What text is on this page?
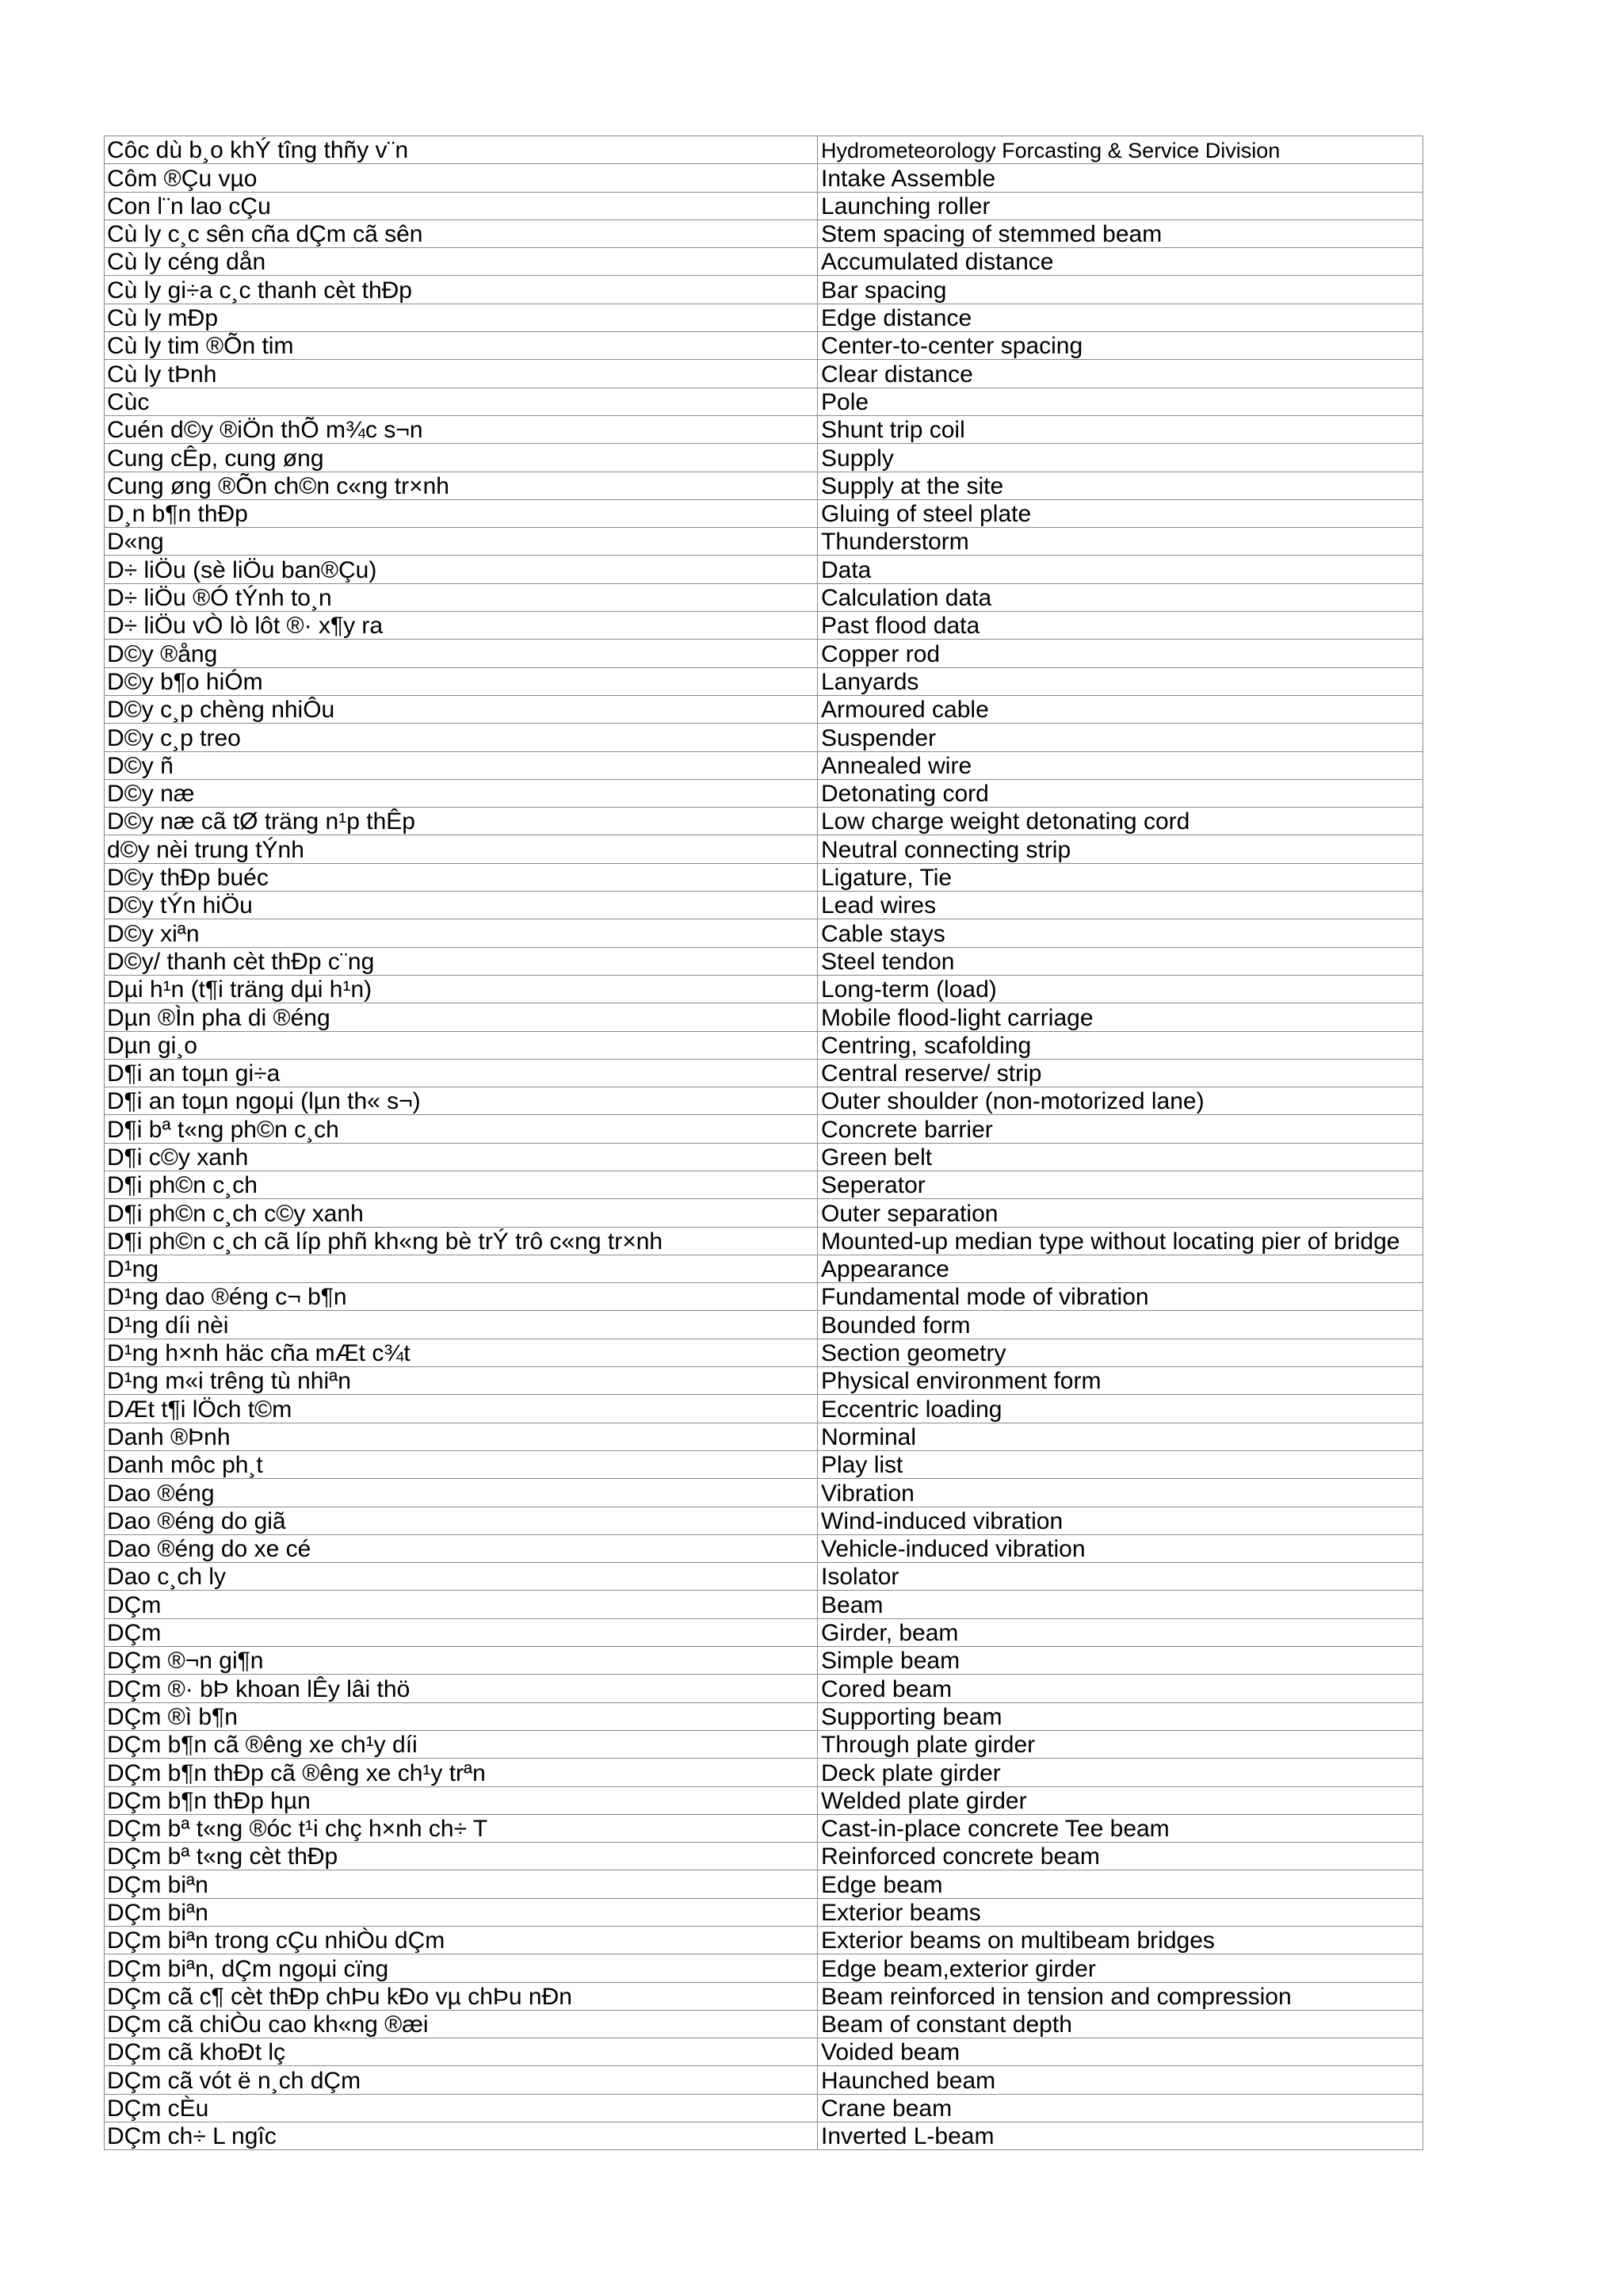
Côc dù b¸o khÝ tîng thñy v¨n	Hydrometeorology Forcasting & Service Division
Côm ®Çu vµo	Intake Assemble
Con l¨n lao cÇu	Launching roller
Cù ly c¸c sên cña dÇm cã sên	Stem spacing of stemmed beam
Cù ly céng dån	Accumulated distance
Cù ly gi÷a c¸c thanh cèt thÐp	Bar spacing
Cù ly mÐp	Edge distance
Cù ly tim ®Õn tim	Center-to-center spacing
Cù ly tÞnh	Clear distance
Cùc	Pole
Cuén d©y ®iÖn thÕ m¾c s¬n	Shunt trip coil
Cung cÊp, cung øng	Supply
Cung øng ®Õn ch©n c«ng tr×nh	Supply at the site
D¸n b¶n thÐp	Gluing of steel plate
D«ng	Thunderstorm
D÷ liÖu (sè liÖu ban®Çu)	Data
D÷ liÖu ®Ó tÝnh to¸n	Calculation data
D÷ liÖu vÒ lò lôt ®· x¶y ra	Past flood data
D©y ®ång	Copper rod
D©y b¶o hiÓm	Lanyards
D©y c¸p chèng nhiÔu	Armoured cable
D©y c¸p treo	Suspender
D©y ñ	Annealed wire
D©y næ	Detonating cord
D©y næ cã tØ träng n¹p thÊp	Low charge weight detonating cord
d©y nèi trung tÝnh	Neutral connecting strip
D©y thÐp buéc	Ligature, Tie
D©y tÝn hiÖu	Lead wires
D©y xiªn	Cable stays
D©y/ thanh cèt thÐp c¨ng	Steel tendon
Dµi h¹n (t¶i träng dµi h¹n)	Long-term (load)
Dµn ®Ìn pha di ®éng	Mobile flood-light carriage
Dµn gi¸o	Centring, scafolding
D¶i an toµn gi÷a	Central reserve/ strip
D¶i an toµn ngoµi (lµn th« s¬)	Outer shoulder (non-motorized lane)
D¶i bª t«ng ph©n c¸ch	Concrete barrier
D¶i c©y xanh	Green belt
D¶i ph©n c¸ch	Seperator
D¶i ph©n c¸ch c©y xanh	Outer separation
D¶i ph©n c¸ch cã líp phñ kh«ng bè trÝ trô c«ng tr×nh	Mounted-up median type without locating pier of bridge
D¹ng	Appearance
D¹ng dao ®éng c¬ b¶n	Fundamental mode of vibration
D¹ng díi nèi	Bounded form
D¹ng h×nh häc cña mÆt c¾t	Section geometry
D¹ng m«i trêng tù nhiªn	Physical environment form
DÆt t¶i lÖch t©m	Eccentric loading
Danh ®Þnh	Norminal
Danh môc ph¸t	Play list
Dao ®éng	Vibration
Dao ®éng do giã	Wind-induced vibration
Dao ®éng do xe cé	Vehicle-induced vibration
Dao c¸ch ly	Isolator
DÇm	Beam
DÇm	Girder, beam
DÇm ®¬n gi¶n	Simple beam
DÇm ®· bÞ khoan lÊy lâi thö	Cored beam
DÇm ®ì b¶n	Supporting beam
DÇm b¶n cã ®êng xe ch¹y díi	Through plate girder
DÇm b¶n thÐp cã ®êng xe ch¹y trªn	Deck plate girder
DÇm b¶n thÐp hµn	Welded plate girder
DÇm bª t«ng ®óc t¹i chç h×nh ch÷ T	Cast-in-place concrete Tee beam
DÇm bª t«ng cèt thÐp	Reinforced concrete beam
DÇm biªn	Edge beam
DÇm biªn	Exterior beams
DÇm biªn trong cÇu nhiÒu dÇm	Exterior beams on multibeam bridges
DÇm biªn, dÇm ngoµi cïng	Edge beam,exterior girder
DÇm cã c¶ cèt thÐp chÞu kÐo vµ chÞu nÐn	Beam reinforced in tension and compression
DÇm cã chiÒu cao kh«ng ®æi	Beam of constant depth
DÇm cã khoÐt lç	Voided beam
DÇm cã vót ë n¸ch dÇm	Haunched beam
DÇm cÈu	Crane beam
DÇm ch÷ L ngîc	Inverted L-beam
